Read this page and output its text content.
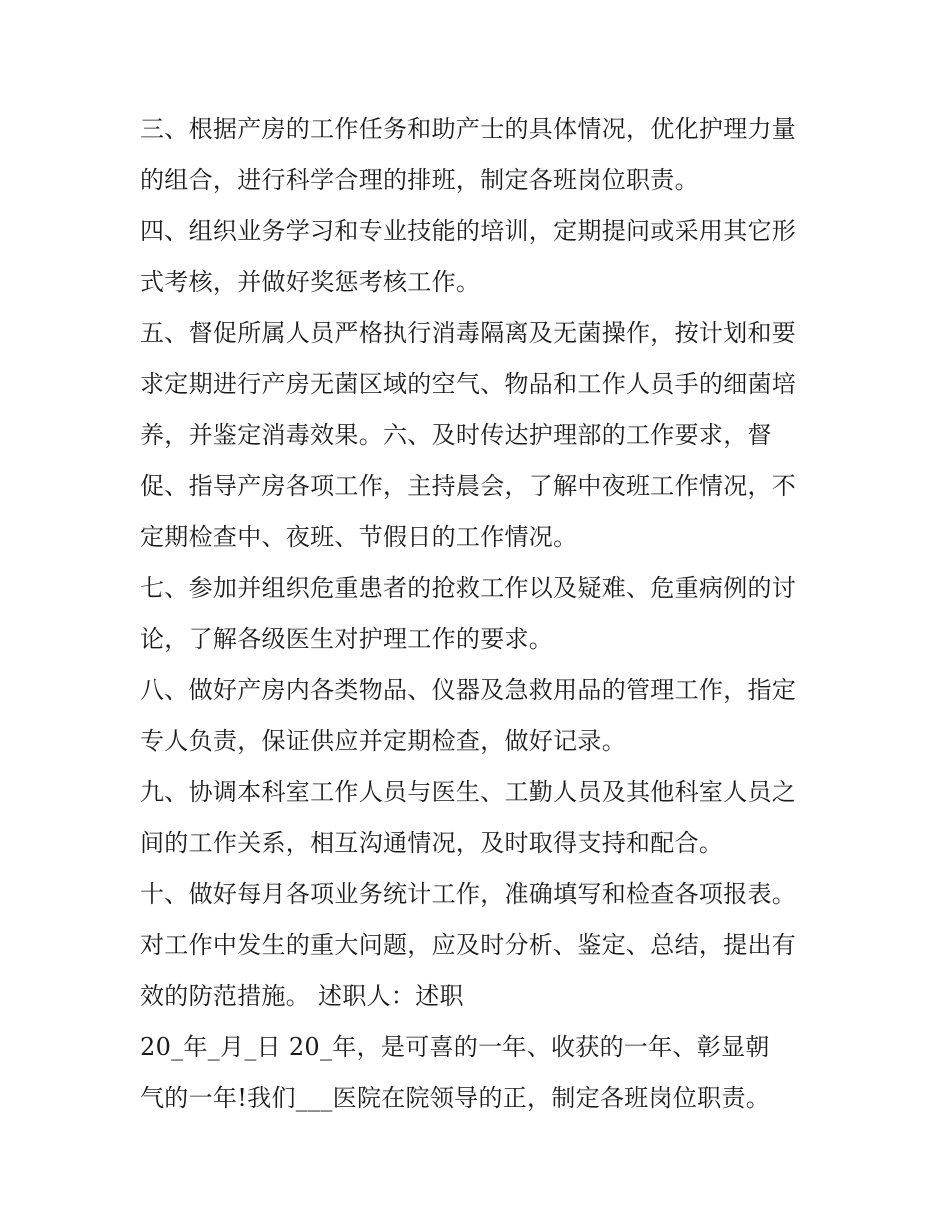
三、根据产房的工作任务和助产士的具体情况，优化护理力量
的组合，进行科学合理的排班，制定各班岗位职责。
四、组织业务学习和专业技能的培训，定期提问或采用其它形
式考核，并做好奖惩考核工作。
五、督促所属人员严格执行消毒隔离及无菌操作，按计划和要
求定期进行产房无菌区域的空气、物品和工作人员手的细菌培
养，并鉴定消毒效果。六、及时传达护理部的工作要求，督
促、指导产房各项工作，主持晨会，了解中夜班工作情况，不
定期检查中、夜班、节假日的工作情况。
七、参加并组织危重患者的抢救工作以及疑难、危重病例的讨
论，了解各级医生对护理工作的要求。
八、做好产房内各类物品、仪器及急救用品的管理工作，指定
专人负责，保证供应并定期检查，做好记录。
九、协调本科室工作人员与医生、工勤人员及其他科室人员之
间的工作关系，相互沟通情况，及时取得支持和配合。
十、做好每月各项业务统计工作，准确填写和检查各项报表。
对工作中发生的重大问题，应及时分析、鉴定、总结，提出有
效的防范措施。 述职人：述职
20_年_月_日 20_年，是可喜的一年、收获的一年、彰显朝
气的一年!我们___医院在院领导的正，制定各班岗位职责。
